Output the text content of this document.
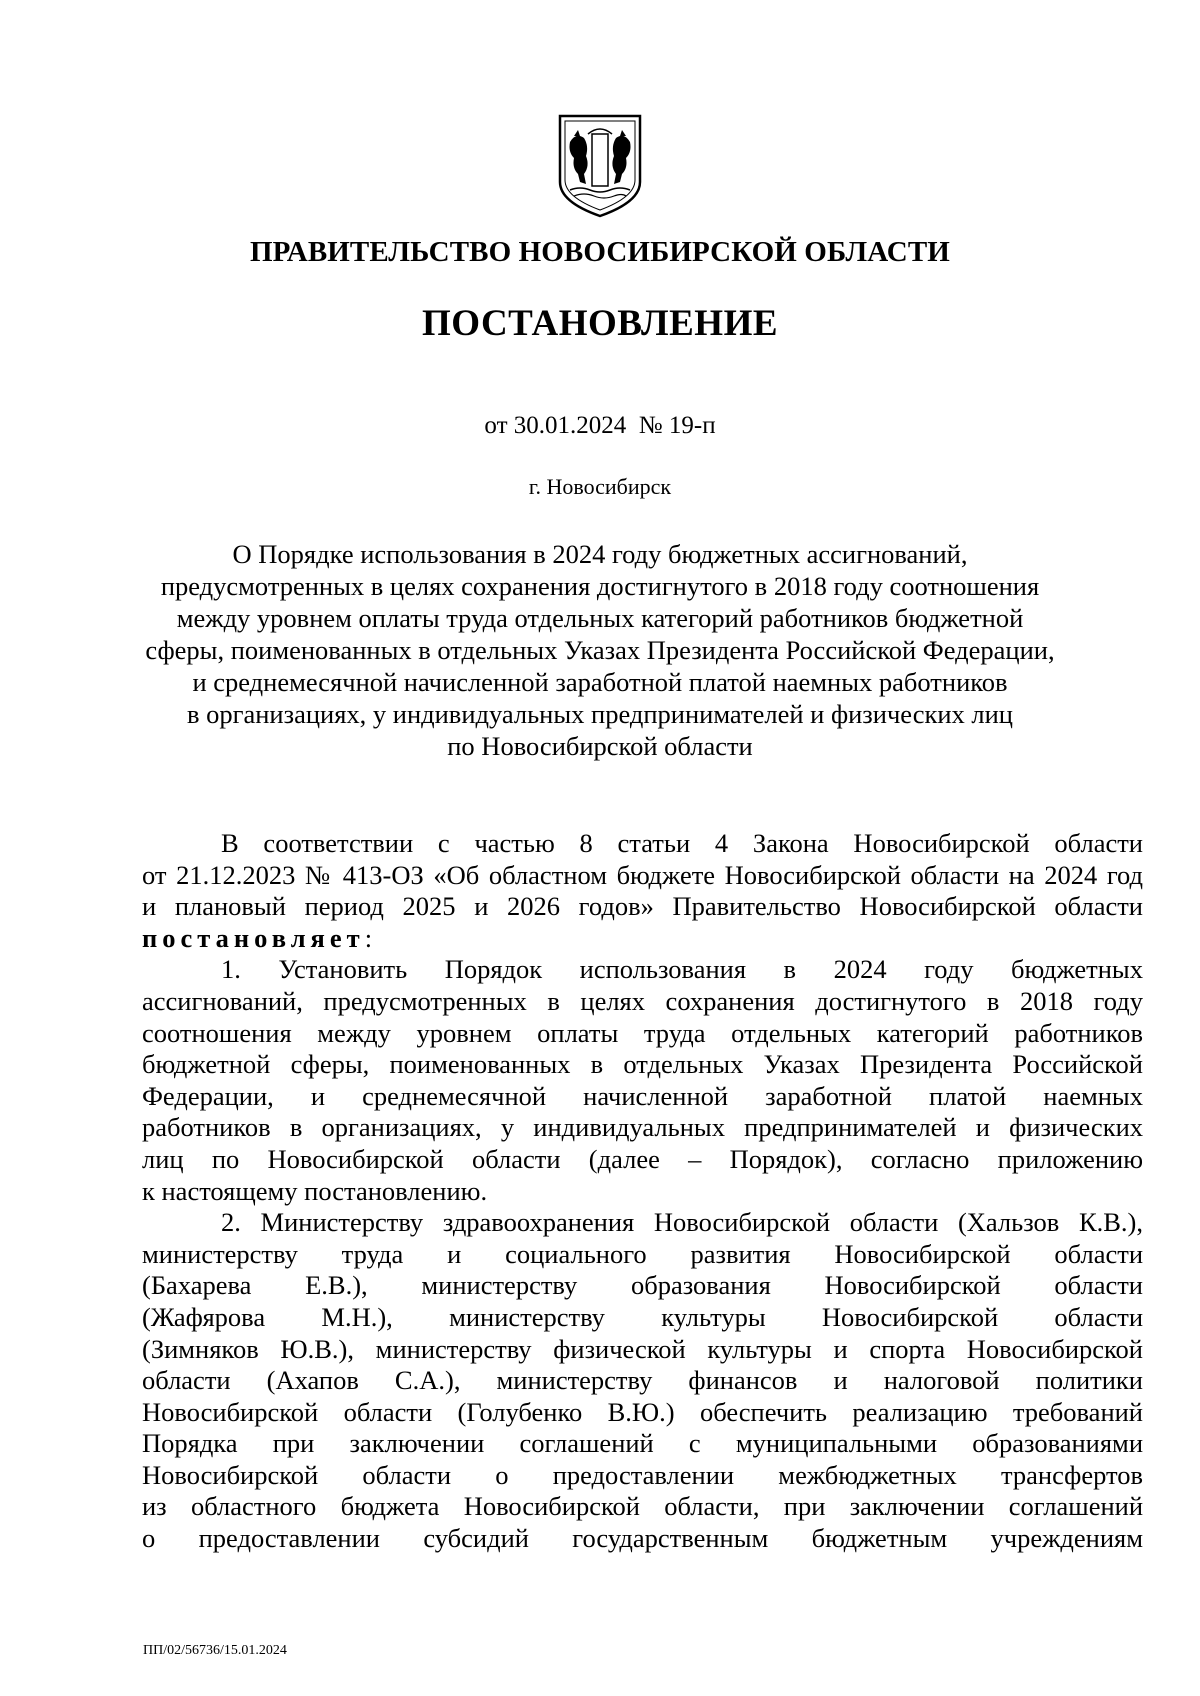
ПРАВИТЕЛЬСТВО НОВОСИБИРСКОЙ ОБЛАСТИ
ПОСТАНОВЛЕНИЕ
от 30.01.2024  № 19-п
г. Новосибирск
О Порядке использования в 2024 году бюджетных ассигнований,
предусмотренных в целях сохранения достигнутого в 2018 году соотношения
между уровнем оплаты труда отдельных категорий работников бюджетной
сферы, поименованных в отдельных Указах Президента Российской Федерации,
и среднемесячной начисленной заработной платой наемных работников
в организациях, у индивидуальных предпринимателей и физических лиц
по Новосибирской области
В соответствии с частью 8 статьи 4 Закона Новосибирской области
от 21.12.2023 № 413-ОЗ «Об областном бюджете Новосибирской области на 2024 год
и плановый период 2025 и 2026 годов» Правительство Новосибирской области
постановляет:
1. Установить Порядок использования в 2024 году бюджетных
ассигнований, предусмотренных в целях сохранения достигнутого в 2018 году
соотношения между уровнем оплаты труда отдельных категорий работников
бюджетной сферы, поименованных в отдельных Указах Президента Российской
Федерации, и среднемесячной начисленной заработной платой наемных
работников в организациях, у индивидуальных предпринимателей и физических
лиц по Новосибирской области (далее – Порядок), согласно приложению
к настоящему постановлению.
2. Министерству здравоохранения Новосибирской области (Хальзов К.В.),
министерству труда и социального развития Новосибирской области
(Бахарева Е.В.), министерству образования Новосибирской области
(Жафярова М.Н.), министерству культуры Новосибирской области
(Зимняков Ю.В.), министерству физической культуры и спорта Новосибирской
области (Ахапов С.А.), министерству финансов и налоговой политики
Новосибирской области (Голубенко В.Ю.) обеспечить реализацию требований
Порядка при заключении соглашений с муниципальными образованиями
Новосибирской области о предоставлении межбюджетных трансфертов
из областного бюджета Новосибирской области, при заключении соглашений
о предоставлении субсидий государственным бюджетным учреждениям
ПП/02/56736/15.01.2024
